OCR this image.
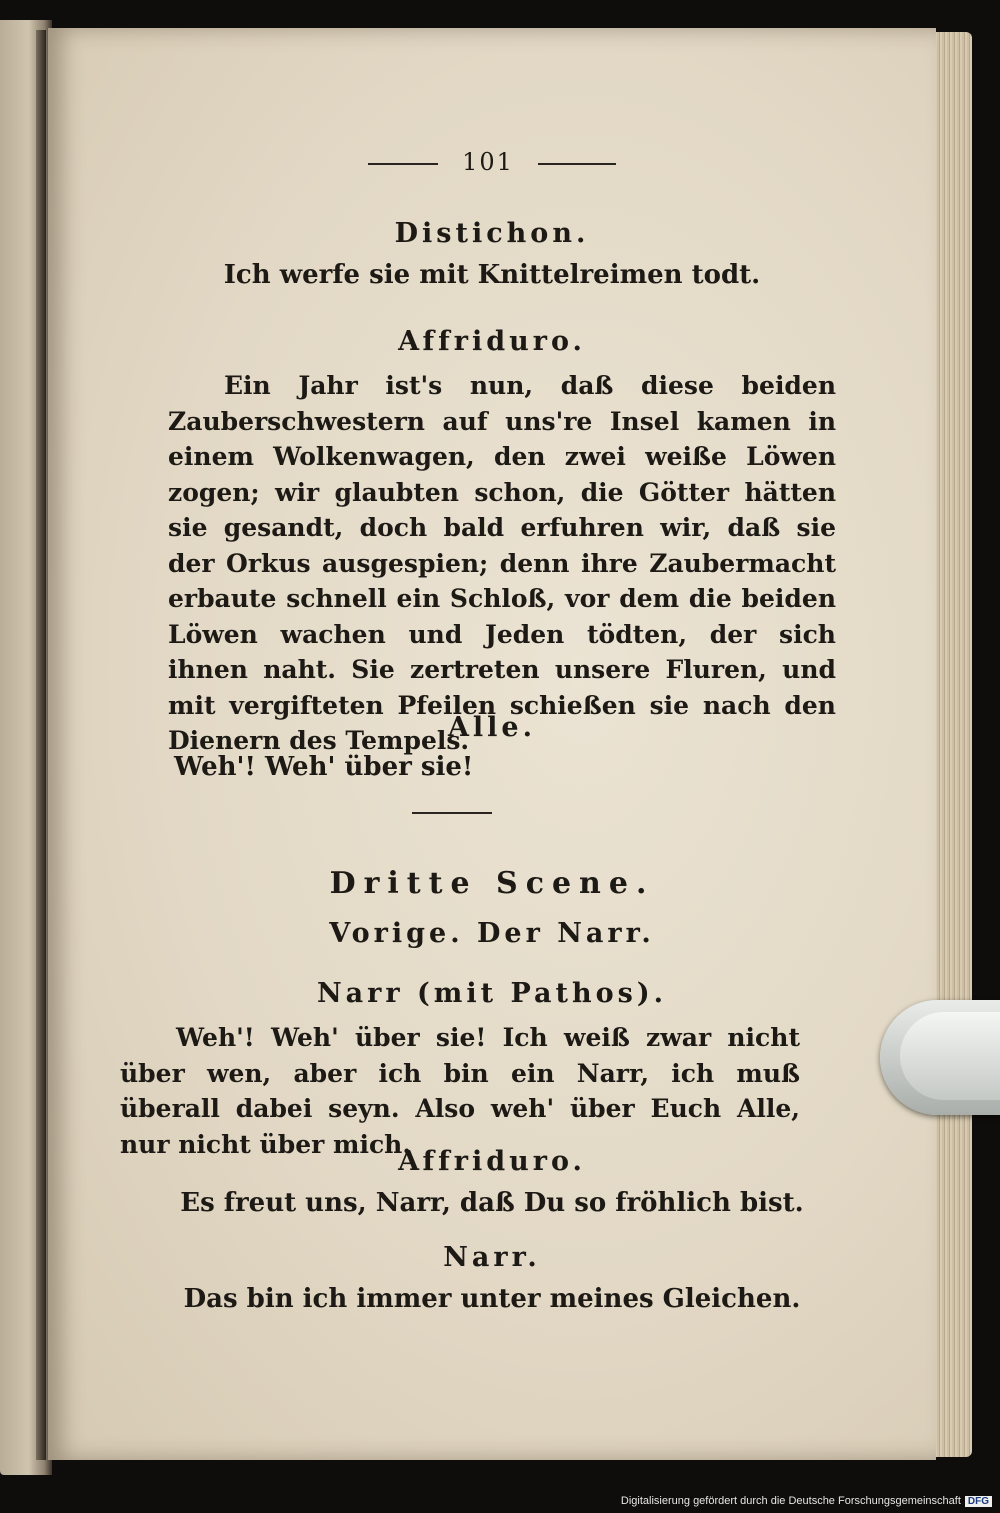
101
Distichon.
Ich werfe sie mit Knittelreimen todt.
Affriduro.
Ein Jahr ist's nun, daß diese beiden Zauberschwestern auf uns're Insel kamen in einem Wolkenwagen, den zwei weiße Löwen zogen; wir glaubten schon, die Götter hätten sie gesandt, doch bald erfuhren wir, daß sie der Orkus ausgespien; denn ihre Zaubermacht erbaute schnell ein Schloß, vor dem die beiden Löwen wachen und Jeden tödten, der sich ihnen naht. Sie zertreten unsere Fluren, und mit vergifteten Pfeilen schießen sie nach den Dienern des Tempels.
Alle.
Weh'! Weh' über sie!
Dritte Scene.
Vorige. Der Narr.
Narr (mit Pathos).
Weh'! Weh' über sie! Ich weiß zwar nicht über wen, aber ich bin ein Narr, ich muß überall dabei seyn. Also weh' über Euch Alle, nur nicht über mich.
Affriduro.
Es freut uns, Narr, daß Du so fröhlich bist.
Narr.
Das bin ich immer unter meines Gleichen.
Digitalisierung gefördert durch die Deutsche Forschungsgemeinschaft DFG
